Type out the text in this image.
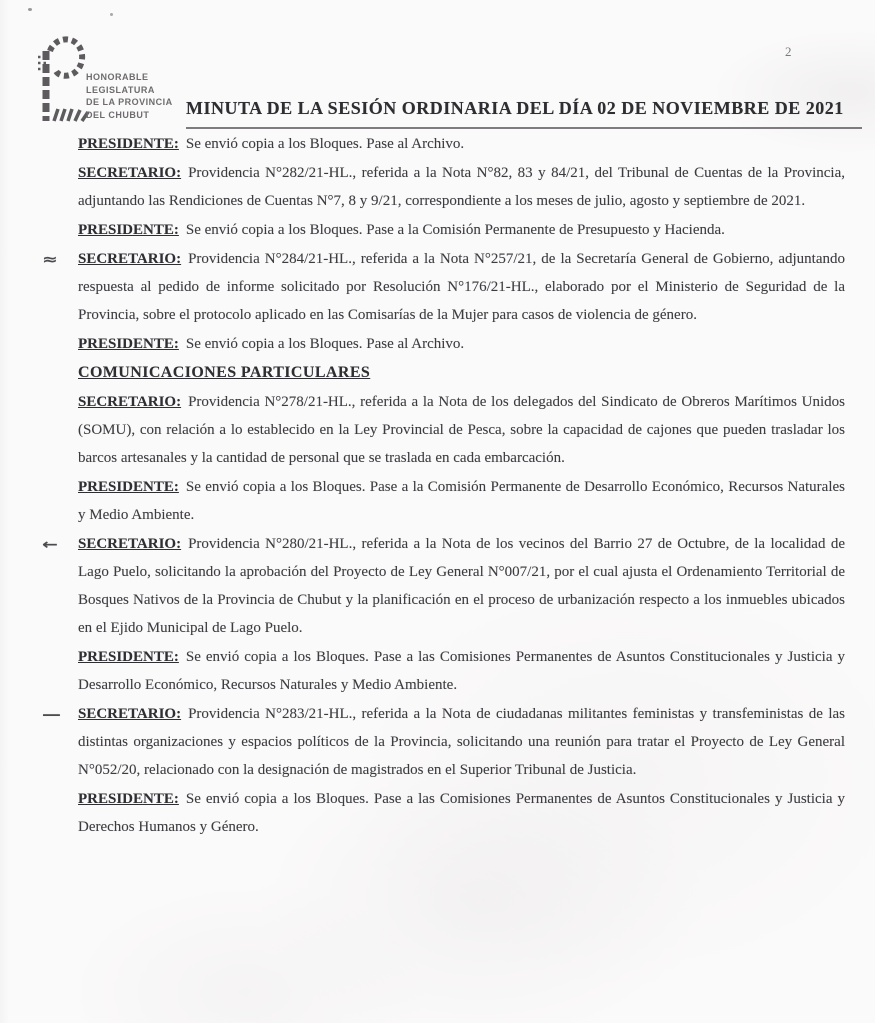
2
HONORABLE
LEGISLATURA
DE LA PROVINCIA
DEL CHUBUT	MINUTA DE LA SESIÓN ORDINARIA DEL DÍA 02 DE NOVIEMBRE DE 2021

PRESIDENTE: Se envió copia a los Bloques. Pase al Archivo.

SECRETARIO: Providencia N°282/21-HL., referida a la Nota N°82, 83 y 84/21, del Tribunal de Cuentas de la Provincia, adjuntando las Rendiciones de Cuentas N°7, 8 y 9/21, correspondiente a los meses de julio, agosto y septiembre de 2021.

PRESIDENTE: Se envió copia a los Bloques. Pase a la Comisión Permanente de Presupuesto y Hacienda.

≈ SECRETARIO: Providencia N°284/21-HL., referida a la Nota N°257/21, de la Secretaría General de Gobierno, adjuntando respuesta al pedido de informe solicitado por Resolución N°176/21-HL., elaborado por el Ministerio de Seguridad de la Provincia, sobre el protocolo aplicado en las Comisarías de la Mujer para casos de violencia de género.

PRESIDENTE: Se envió copia a los Bloques. Pase al Archivo.

COMUNICACIONES PARTICULARES

SECRETARIO: Providencia N°278/21-HL., referida a la Nota de los delegados del Sindicato de Obreros Marítimos Unidos (SOMU), con relación a lo establecido en la Ley Provincial de Pesca, sobre la capacidad de cajones que pueden trasladar los barcos artesanales y la cantidad de personal que se traslada en cada embarcación.

PRESIDENTE: Se envió copia a los Bloques. Pase a la Comisión Permanente de Desarrollo Económico, Recursos Naturales y Medio Ambiente.

← SECRETARIO: Providencia N°280/21-HL., referida a la Nota de los vecinos del Barrio 27 de Octubre, de la localidad de Lago Puelo, solicitando la aprobación del Proyecto de Ley General N°007/21, por el cual ajusta el Ordenamiento Territorial de Bosques Nativos de la Provincia de Chubut y la planificación en el proceso de urbanización respecto a los inmuebles ubicados en el Ejido Municipal de Lago Puelo.

PRESIDENTE: Se envió copia a los Bloques. Pase a las Comisiones Permanentes de Asuntos Constitucionales y Justicia y Desarrollo Económico, Recursos Naturales y Medio Ambiente.

— SECRETARIO: Providencia N°283/21-HL., referida a la Nota de ciudadanas militantes feministas y transfeministas de las distintas organizaciones y espacios políticos de la Provincia, solicitando una reunión para tratar el Proyecto de Ley General N°052/20, relacionado con la designación de magistrados en el Superior Tribunal de Justicia.

PRESIDENTE: Se envió copia a los Bloques. Pase a las Comisiones Permanentes de Asuntos Constitucionales y Justicia y Derechos Humanos y Género.
